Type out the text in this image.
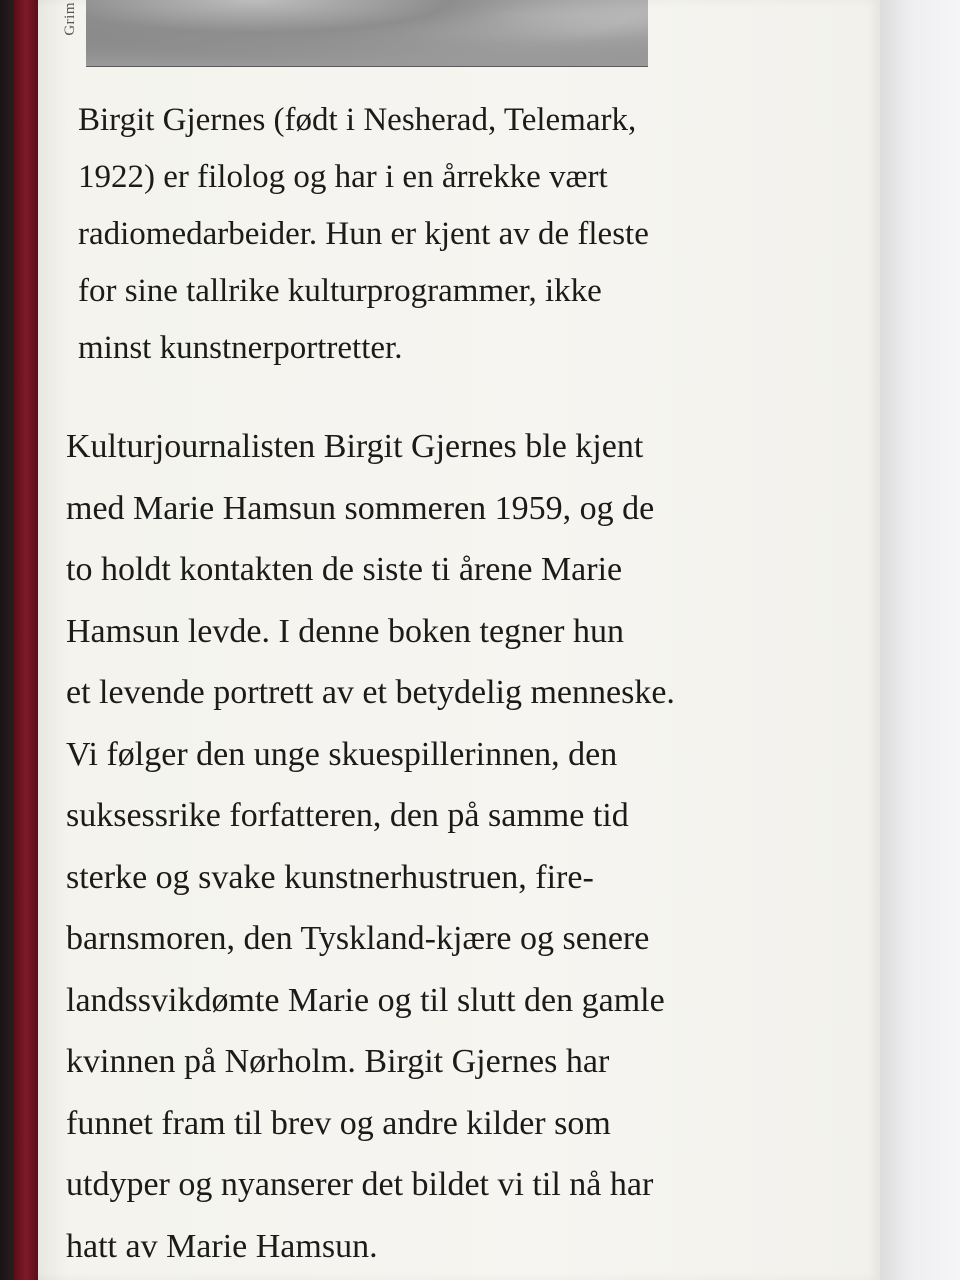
Grim
Birgit Gjernes (født i Nesherad, Telemark,
1922) er filolog og har i en årrekke vært
radiomedarbeider. Hun er kjent av de fleste
for sine tallrike kulturprogrammer, ikke
minst kunstnerportretter.
Kulturjournalisten Birgit Gjernes ble kjent
med Marie Hamsun sommeren 1959, og de
to holdt kontakten de siste ti årene Marie
Hamsun levde. I denne boken tegner hun
et levende portrett av et betydelig menneske.
Vi følger den unge skuespillerinnen, den
suksessrike forfatteren, den på samme tid
sterke og svake kunstnerhustruen, fire-
barnsmoren, den Tyskland-kjære og senere
landssvikdømte Marie og til slutt den gamle
kvinnen på Nørholm. Birgit Gjernes har
funnet fram til brev og andre kilder som
utdyper og nyanserer det bildet vi til nå har
hatt av Marie Hamsun.
